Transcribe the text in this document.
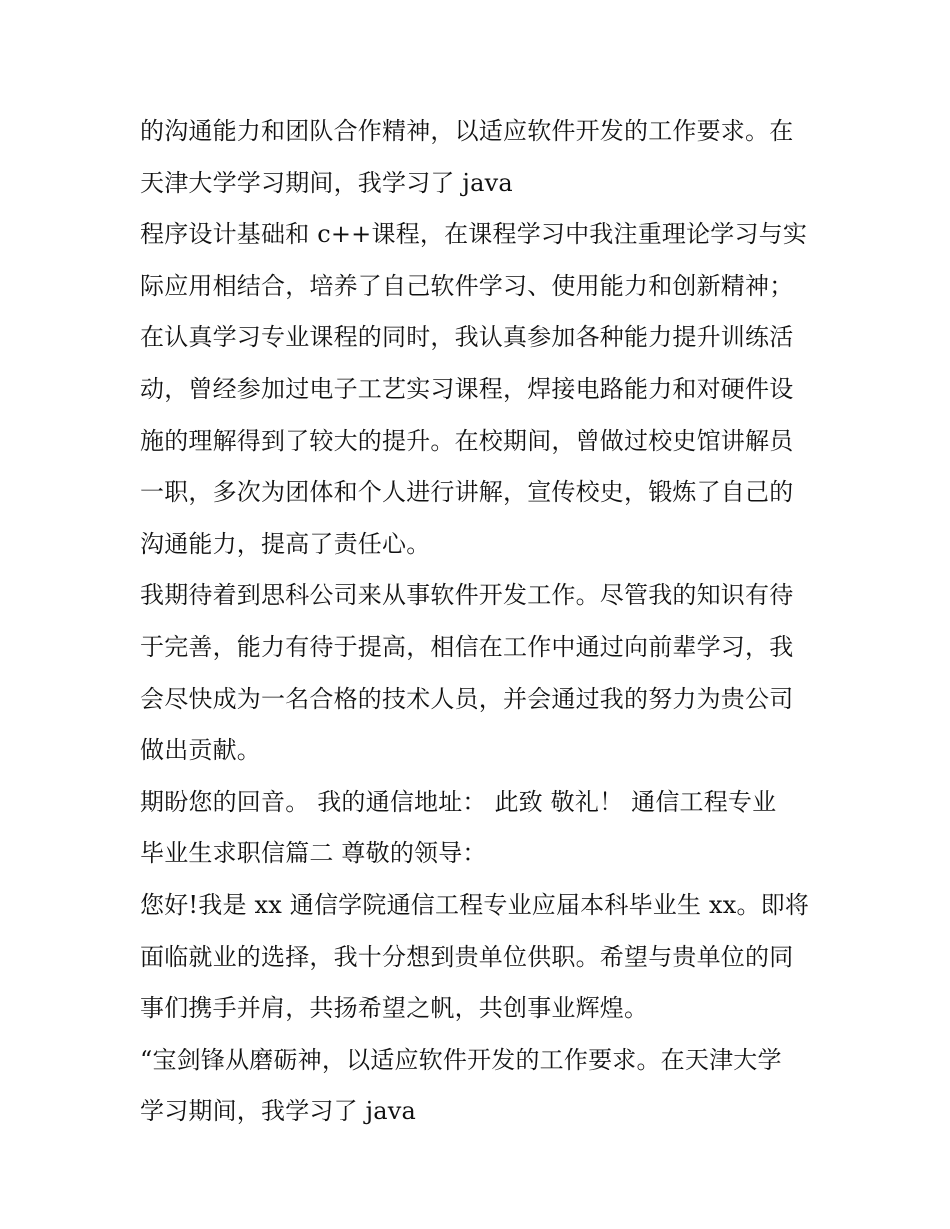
的沟通能力和团队合作精神，以适应软件开发的工作要求。在
天津大学学习期间，我学习了 java
程序设计基础和 c++课程，在课程学习中我注重理论学习与实
际应用相结合，培养了自己软件学习、使用能力和创新精神；
在认真学习专业课程的同时，我认真参加各种能力提升训练活
动，曾经参加过电子工艺实习课程，焊接电路能力和对硬件设
施的理解得到了较大的提升。在校期间，曾做过校史馆讲解员
一职，多次为团体和个人进行讲解，宣传校史，锻炼了自己的
沟通能力，提高了责任心。
我期待着到思科公司来从事软件开发工作。尽管我的知识有待
于完善，能力有待于提高，相信在工作中通过向前辈学习，我
会尽快成为一名合格的技术人员，并会通过我的努力为贵公司
做出贡献。
期盼您的回音。 我的通信地址： 此致 敬礼！ 通信工程专业
毕业生求职信篇二 尊敬的领导：
您好!我是 xx 通信学院通信工程专业应届本科毕业生 xx。即将
面临就业的选择，我十分想到贵单位供职。希望与贵单位的同
事们携手并肩，共扬希望之帆，共创事业辉煌。
“宝剑锋从磨砺神，以适应软件开发的工作要求。在天津大学
学习期间，我学习了 java
